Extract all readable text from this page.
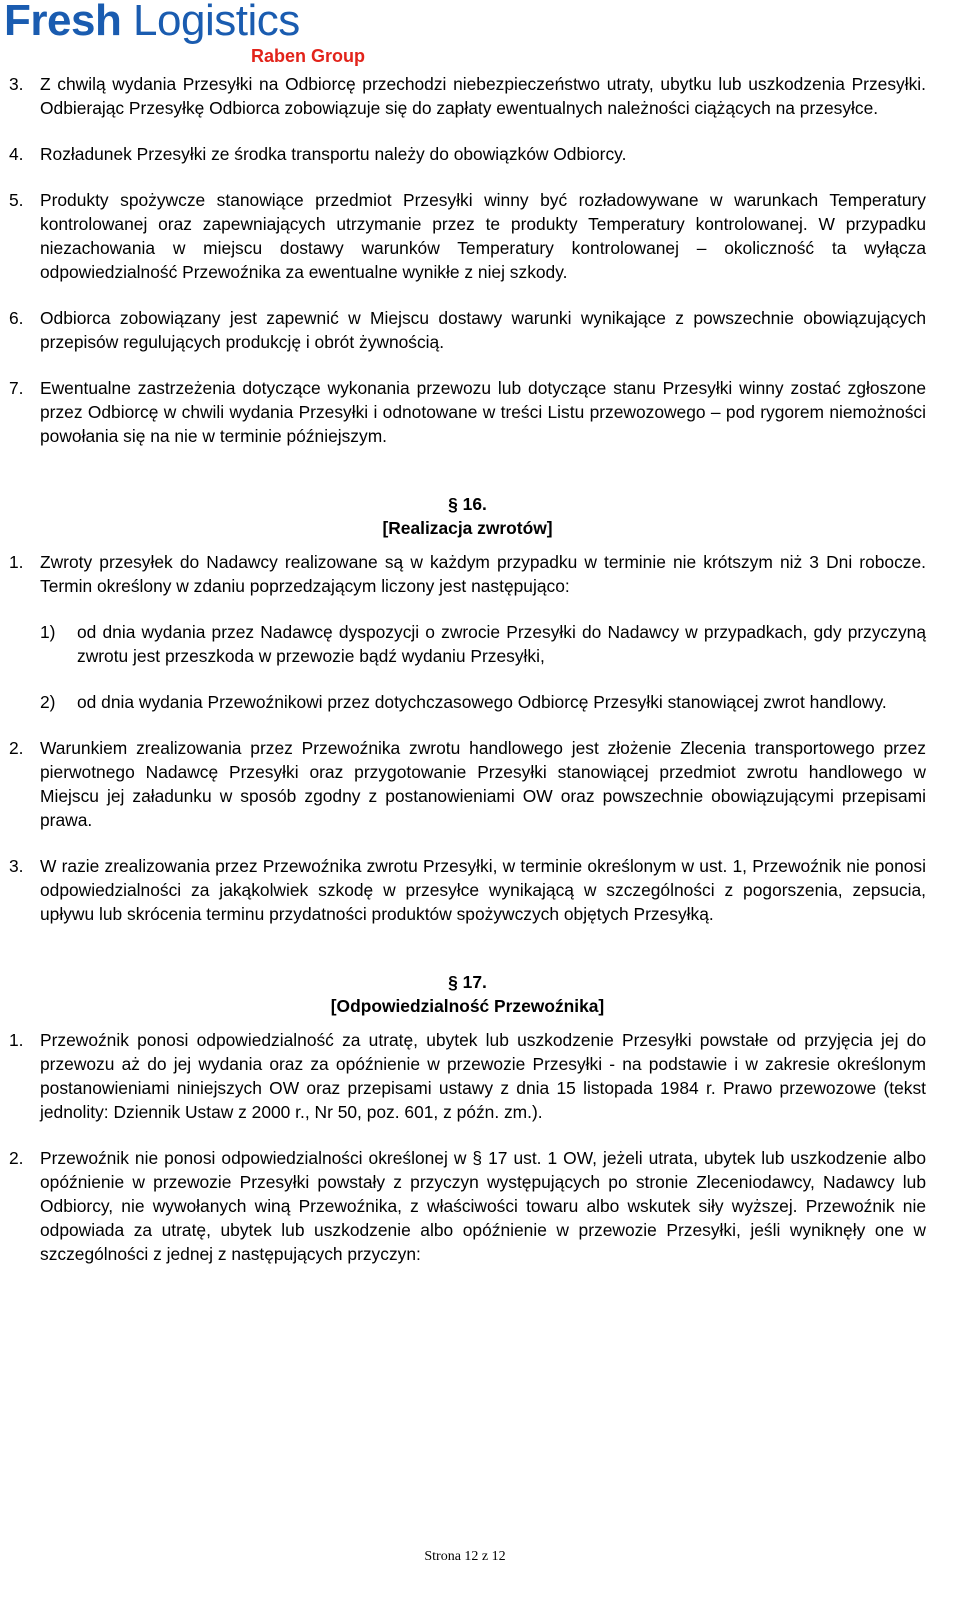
Fresh Logistics
Raben Group
3. Z chwilą wydania Przesyłki na Odbiorcę przechodzi niebezpieczeństwo utraty, ubytku lub uszkodzenia Przesyłki. Odbierając Przesyłkę Odbiorca zobowiązuje się do zapłaty ewentualnych należności ciążących na przesyłce.
4. Rozładunek Przesyłki ze środka transportu należy do obowiązków Odbiorcy.
5. Produkty spożywcze stanowiące przedmiot Przesyłki winny być rozładowywane w warunkach Temperatury kontrolowanej oraz zapewniających utrzymanie przez te produkty Temperatury kontrolowanej. W przypadku niezachowania w miejscu dostawy warunków Temperatury kontrolowanej – okoliczność ta wyłącza odpowiedzialność Przewoźnika za ewentualne wynikłe z niej szkody.
6. Odbiorca zobowiązany jest zapewnić w Miejscu dostawy warunki wynikające z powszechnie obowiązujących przepisów regulujących produkcję i obrót żywnością.
7. Ewentualne zastrzeżenia dotyczące wykonania przewozu lub dotyczące stanu Przesyłki winny zostać zgłoszone przez Odbiorcę w chwili wydania Przesyłki i odnotowane w treści Listu przewozowego – pod rygorem niemożności powołania się na nie w terminie późniejszym.
§ 16.
[Realizacja zwrotów]
1. Zwroty przesyłek do Nadawcy realizowane są w każdym przypadku w terminie nie krótszym niż 3 Dni robocze. Termin określony w zdaniu poprzedzającym liczony jest następująco:
1)	od dnia wydania przez Nadawcę dyspozycji o zwrocie Przesyłki do Nadawcy w przypadkach, gdy przyczyną zwrotu jest przeszkoda w przewozie bądź wydaniu Przesyłki,
2)	od dnia wydania Przewoźnikowi przez dotychczasowego Odbiorcę Przesyłki stanowiącej zwrot handlowy.
2. Warunkiem zrealizowania przez Przewoźnika zwrotu handlowego jest złożenie Zlecenia transportowego przez pierwotnego Nadawcę Przesyłki oraz przygotowanie Przesyłki stanowiącej przedmiot zwrotu handlowego w Miejscu jej załadunku w sposób zgodny z postanowieniami OW oraz powszechnie obowiązującymi przepisami prawa.
3. W razie zrealizowania przez Przewoźnika zwrotu Przesyłki, w terminie określonym w ust. 1, Przewoźnik nie ponosi odpowiedzialności za jakąkolwiek szkodę w przesyłce wynikającą w szczególności z pogorszenia, zepsucia, upływu lub skrócenia terminu przydatności produktów spożywczych objętych Przesyłką.
§ 17.
[Odpowiedzialność Przewoźnika]
1. Przewoźnik ponosi odpowiedzialność za utratę, ubytek lub uszkodzenie Przesyłki powstałe od przyjęcia jej do przewozu aż do jej wydania oraz za opóźnienie w przewozie Przesyłki - na podstawie i w zakresie określonym postanowieniami niniejszych OW oraz przepisami ustawy z dnia 15 listopada 1984 r. Prawo przewozowe (tekst jednolity: Dziennik Ustaw z 2000 r., Nr 50, poz. 601, z późn. zm.).
2. Przewoźnik nie ponosi odpowiedzialności określonej w § 17 ust. 1 OW, jeżeli utrata, ubytek lub uszkodzenie albo opóźnienie w przewozie Przesyłki powstały z przyczyn występujących po stronie Zleceniodawcy, Nadawcy lub Odbiorcy, nie wywołanych winą Przewoźnika, z właściwości towaru albo wskutek siły wyższej. Przewoźnik nie odpowiada za utratę, ubytek lub uszkodzenie albo opóźnienie w przewozie Przesyłki, jeśli wyniknęły one w szczególności z jednej z następujących przyczyn:
Strona 12 z 12
